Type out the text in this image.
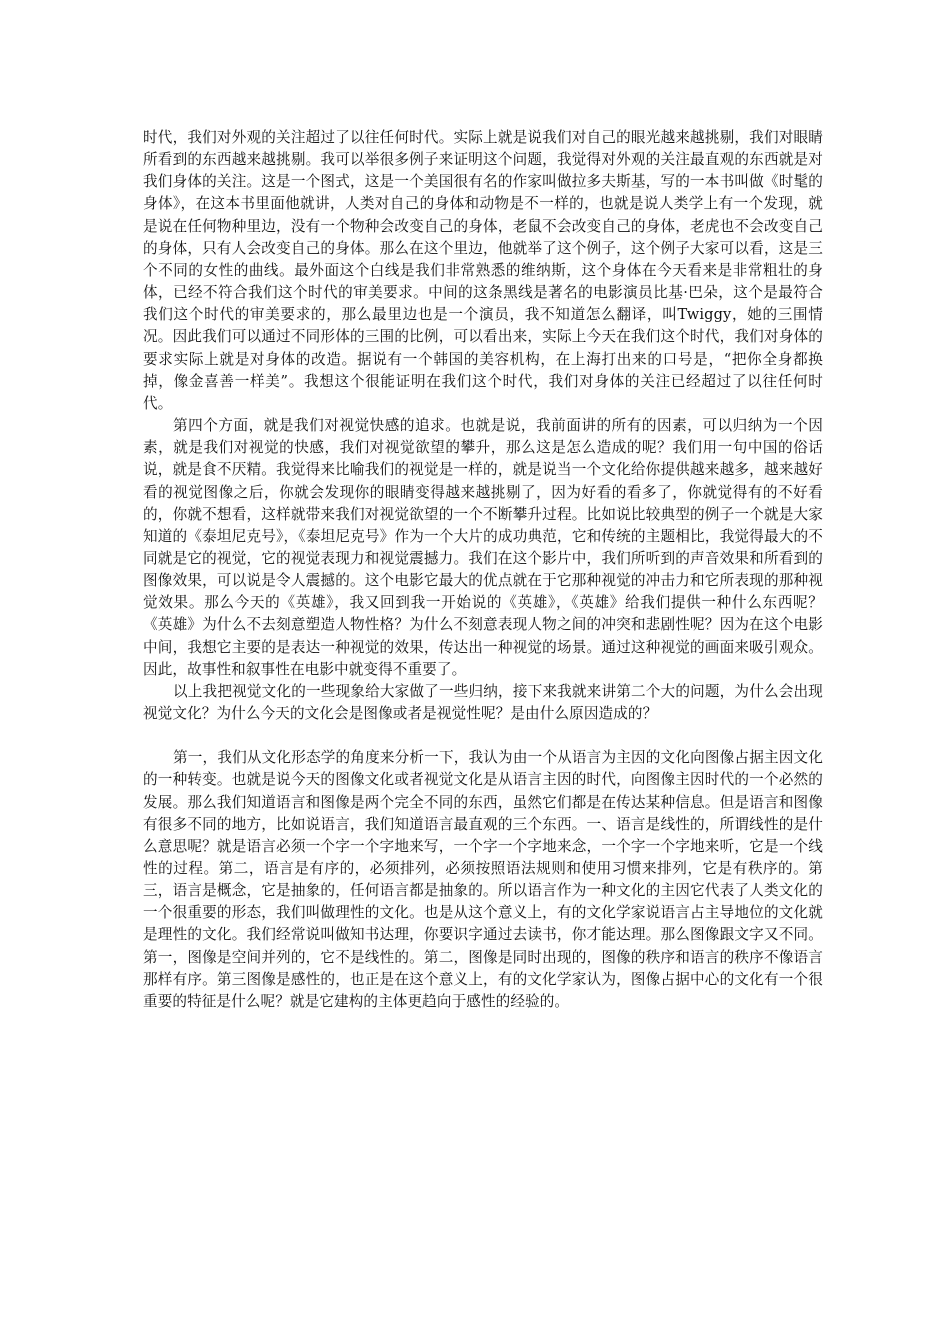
时代，我们对外观的关注超过了以往任何时代。实际上就是说我们对自己的眼光越来越挑剔，我们对眼睛所看到的东西越来越挑剔。我可以举很多例子来证明这个问题，我觉得对外观的关注最直观的东西就是对我们身体的关注。这是一个图式，这是一个美国很有名的作家叫做拉多夫斯基，写的一本书叫做《时髦的身体》，在这本书里面他就讲，人类对自己的身体和动物是不一样的，也就是说人类学上有一个发现，就是说在任何物种里边，没有一个物种会改变自己的身体，老鼠不会改变自己的身体，老虎也不会改变自己的身体，只有人会改变自己的身体。那么在这个里边，他就举了这个例子，这个例子大家可以看，这是三个不同的女性的曲线。最外面这个白线是我们非常熟悉的维纳斯，这个身体在今天看来是非常粗壮的身体，已经不符合我们这个时代的审美要求。中间的这条黑线是著名的电影演员比基·巴朵，这个是最符合我们这个时代的审美要求的，那么最里边也是一个演员，我不知道怎么翻译，叫Twiggy，她的三围情况。因此我们可以通过不同形体的三围的比例，可以看出来，实际上今天在我们这个时代，我们对身体的要求实际上就是对身体的改造。据说有一个韩国的美容机构，在上海打出来的口号是，“把你全身都换掉，像金喜善一样美”。我想这个很能证明在我们这个时代，我们对身体的关注已经超过了以往任何时代。

第四个方面，就是我们对视觉快感的追求。也就是说，我前面讲的所有的因素，可以归纳为一个因素，就是我们对视觉的快感，我们对视觉欲望的攀升，那么这是怎么造成的呢？我们用一句中国的俗话说，就是食不厌精。我觉得来比喻我们的视觉是一样的，就是说当一个文化给你提供越来越多，越来越好看的视觉图像之后，你就会发现你的眼睛变得越来越挑剔了，因为好看的看多了，你就觉得有的不好看的，你就不想看，这样就带来我们对视觉欲望的一个不断攀升过程。比如说比较典型的例子一个就是大家知道的《泰坦尼克号》，《泰坦尼克号》作为一个大片的成功典范，它和传统的主题相比，我觉得最大的不同就是它的视觉，它的视觉表现力和视觉震撼力。我们在这个影片中，我们所听到的声音效果和所看到的图像效果，可以说是令人震撼的。这个电影它最大的优点就在于它那种视觉的冲击力和它所表现的那种视觉效果。那么今天的《英雄》，我又回到我一开始说的《英雄》，《英雄》给我们提供一种什么东西呢？《英雄》为什么不去刻意塑造人物性格？为什么不刻意表现人物之间的冲突和悲剧性呢？因为在这个电影中间，我想它主要的是表达一种视觉的效果，传达出一种视觉的场景。通过这种视觉的画面来吸引观众。因此，故事性和叙事性在电影中就变得不重要了。

以上我把视觉文化的一些现象给大家做了一些归纳，接下来我就来讲第二个大的问题，为什么会出现视觉文化？为什么今天的文化会是图像或者是视觉性呢？是由什么原因造成的？

第一，我们从文化形态学的角度来分析一下，我认为由一个从语言为主因的文化向图像占据主因文化的一种转变。也就是说今天的图像文化或者视觉文化是从语言主因的时代，向图像主因时代的一个必然的发展。那么我们知道语言和图像是两个完全不同的东西，虽然它们都是在传达某种信息。但是语言和图像有很多不同的地方，比如说语言，我们知道语言最直观的三个东西。一、语言是线性的，所谓线性的是什么意思呢？就是语言必须一个字一个字地来写，一个字一个字地来念，一个字一个字地来听，它是一个线性的过程。第二，语言是有序的，必须排列，必须按照语法规则和使用习惯来排列，它是有秩序的。第三，语言是概念，它是抽象的，任何语言都是抽象的。所以语言作为一种文化的主因它代表了人类文化的一个很重要的形态，我们叫做理性的文化。也是从这个意义上，有的文化学家说语言占主导地位的文化就是理性的文化。我们经常说叫做知书达理，你要识字通过去读书，你才能达理。那么图像跟文字又不同。第一，图像是空间并列的，它不是线性的。第二，图像是同时出现的，图像的秩序和语言的秩序不像语言那样有序。第三图像是感性的，也正是在这个意义上，有的文化学家认为，图像占据中心的文化有一个很重要的特征是什么呢？就是它建构的主体更趋向于感性的经验的。
